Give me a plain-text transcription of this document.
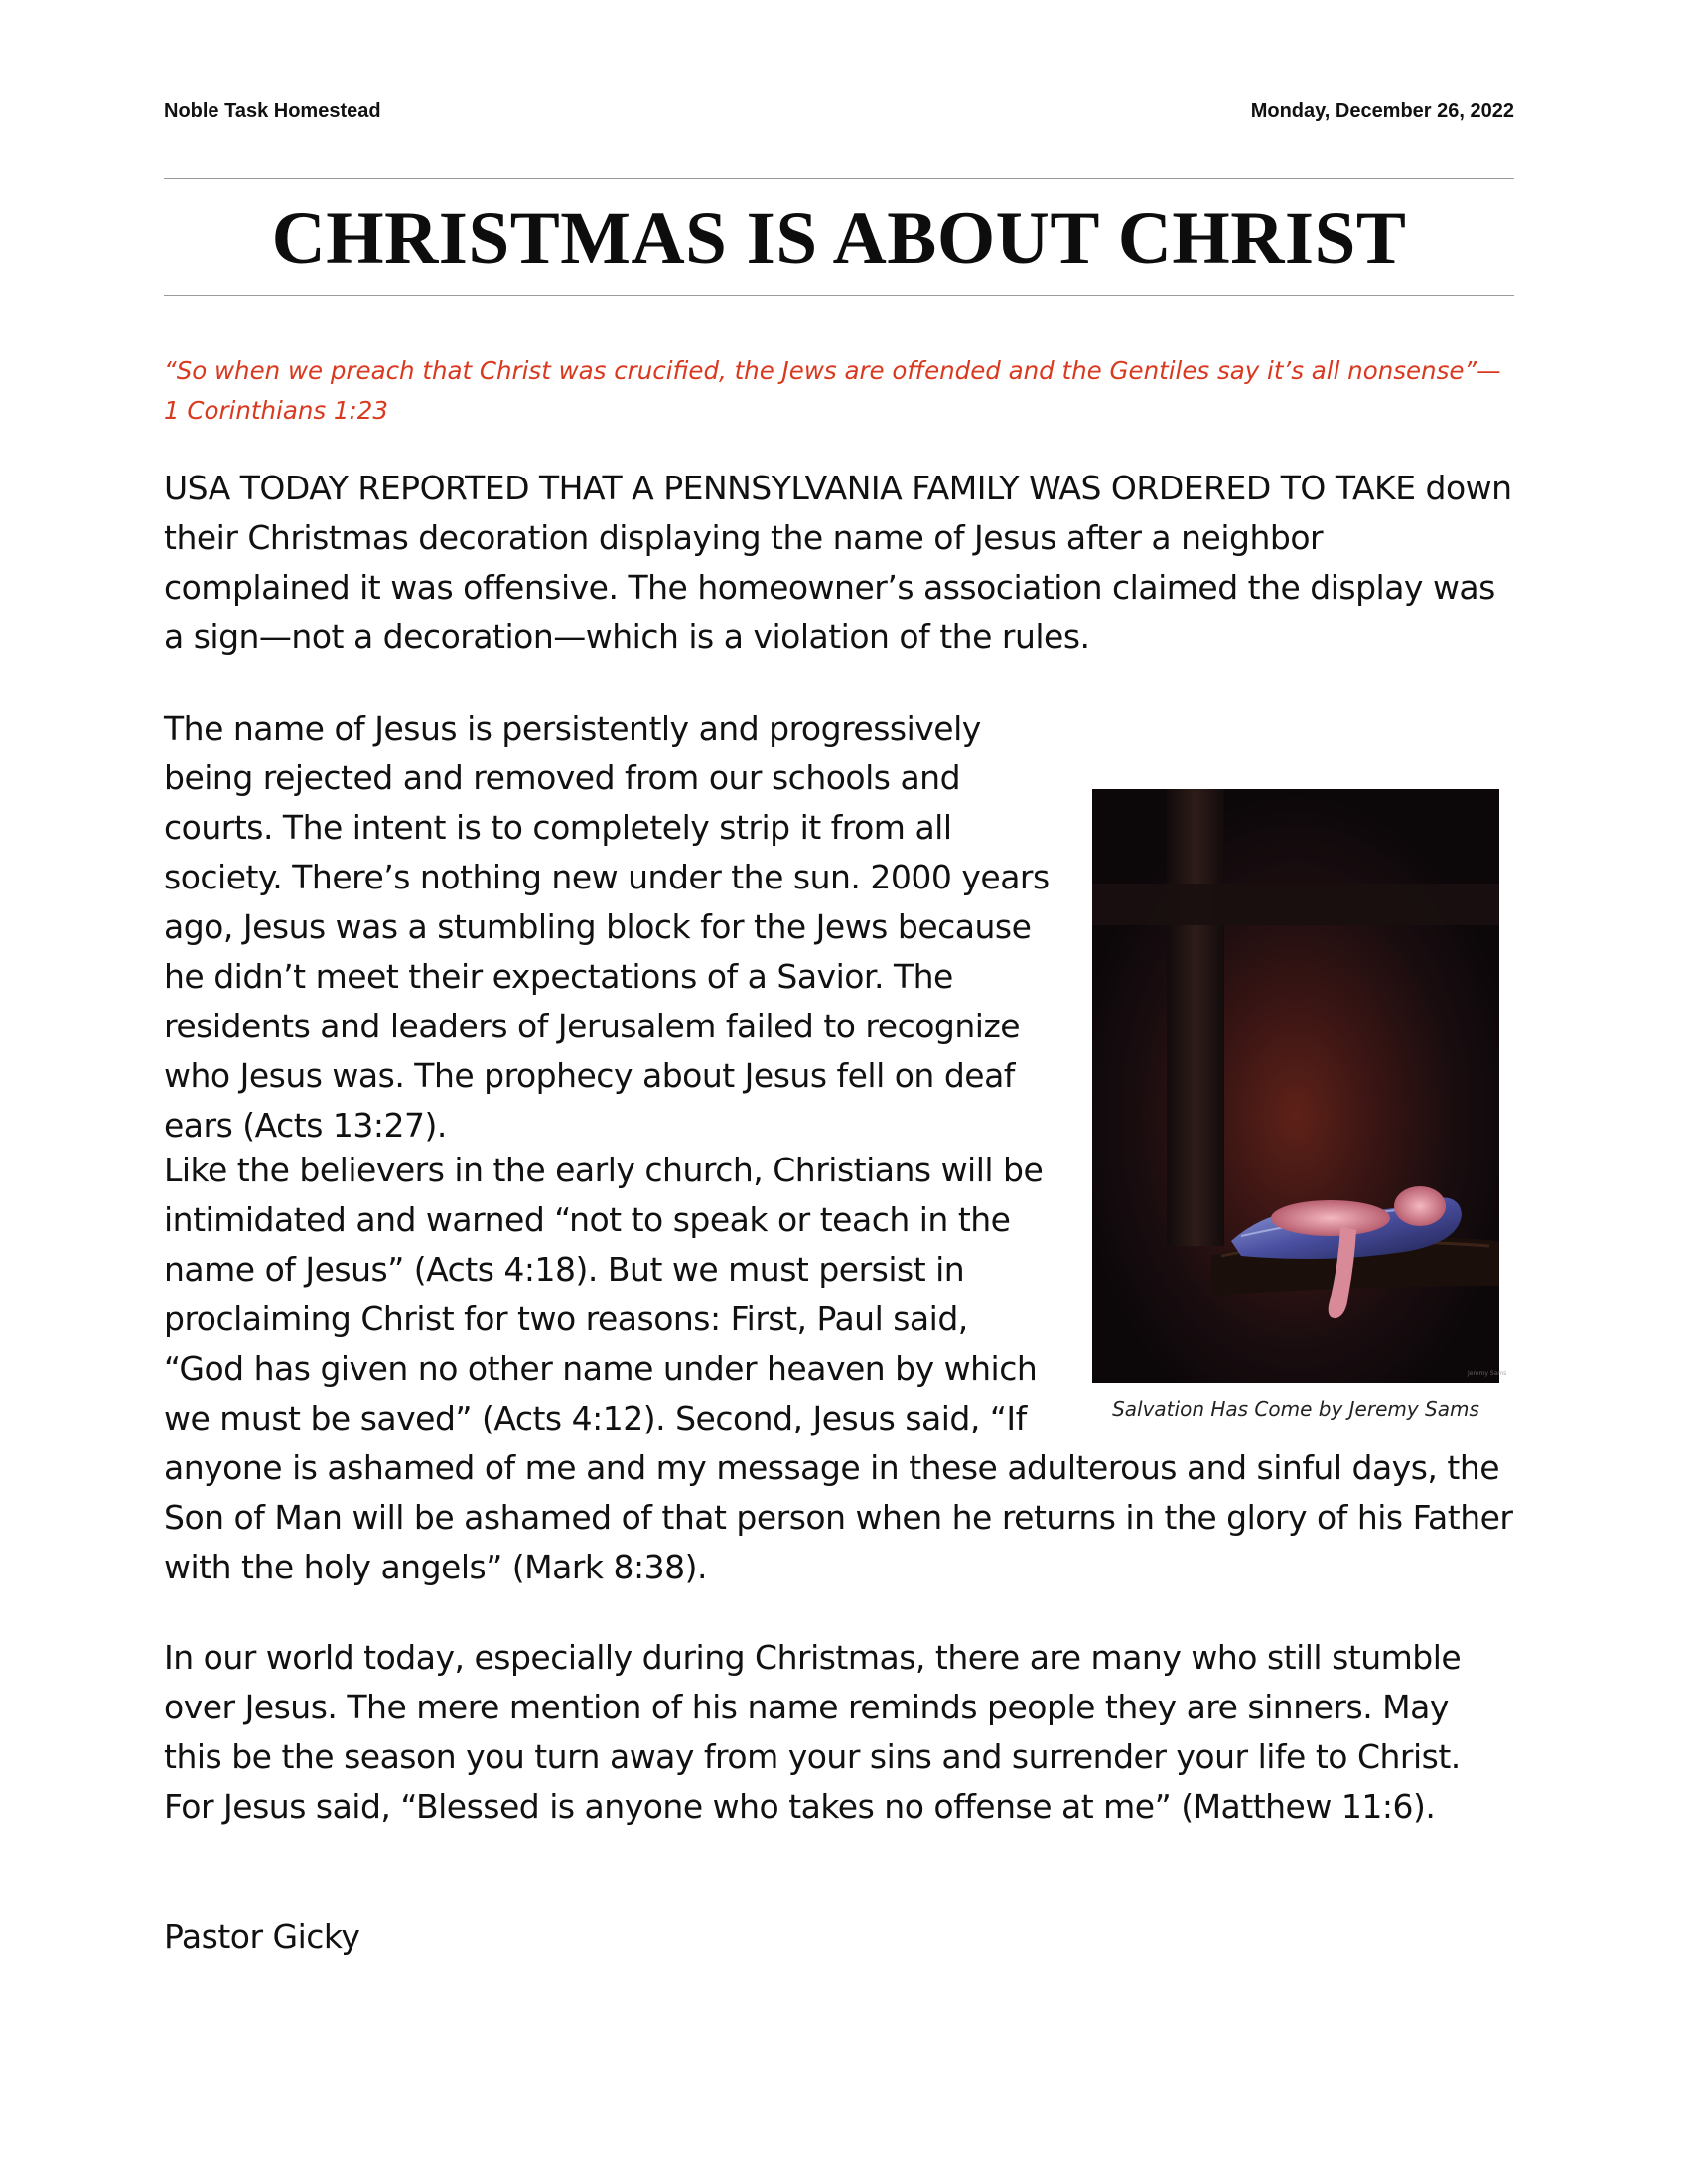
Noble Task Homestead	Monday, December 26, 2022
CHRISTMAS IS ABOUT CHRIST

“So when we preach that Christ was crucified, the Jews are offended and the Gentiles say it’s all nonsense”— 1 Corinthians 1:23

USA TODAY REPORTED THAT A PENNSYLVANIA FAMILY WAS ORDERED TO TAKE down their Christmas decoration displaying the name of Jesus after a neighbor complained it was offensive. The homeowner’s association claimed the display was a sign—not a decoration—which is a violation of the rules.

The name of Jesus is persistently and progressively being rejected and removed from our schools and courts. The intent is to completely strip it from all society. There’s nothing new under the sun. 2000 years ago, Jesus was a stumbling block for the Jews because he didn’t meet their expectations of a Savior. The residents and leaders of Jerusalem failed to recognize who Jesus was. The prophecy about Jesus fell on deaf ears (Acts 13:27).

Like the believers in the early church, Christians will be intimidated and warned “not to speak or teach in the name of Jesus” (Acts 4:18). But we must persist in proclaiming Christ for two reasons: First, Paul said, “God has given no other name under heaven by which we must be saved” (Acts 4:12). Second, Jesus said, “If anyone is ashamed of me and my message in these adulterous and sinful days, the Son of Man will be ashamed of that person when he returns in the glory of his Father with the holy angels” (Mark 8:38).

In our world today, especially during Christmas, there are many who still stumble over Jesus. The mere mention of his name reminds people they are sinners. May this be the season you turn away from your sins and surrender your life to Christ. For Jesus said, “Blessed is anyone who takes no offense at me” (Matthew 11:6).

Pastor Gicky

Jeremy Sams
Salvation Has Come by Jeremy Sams
